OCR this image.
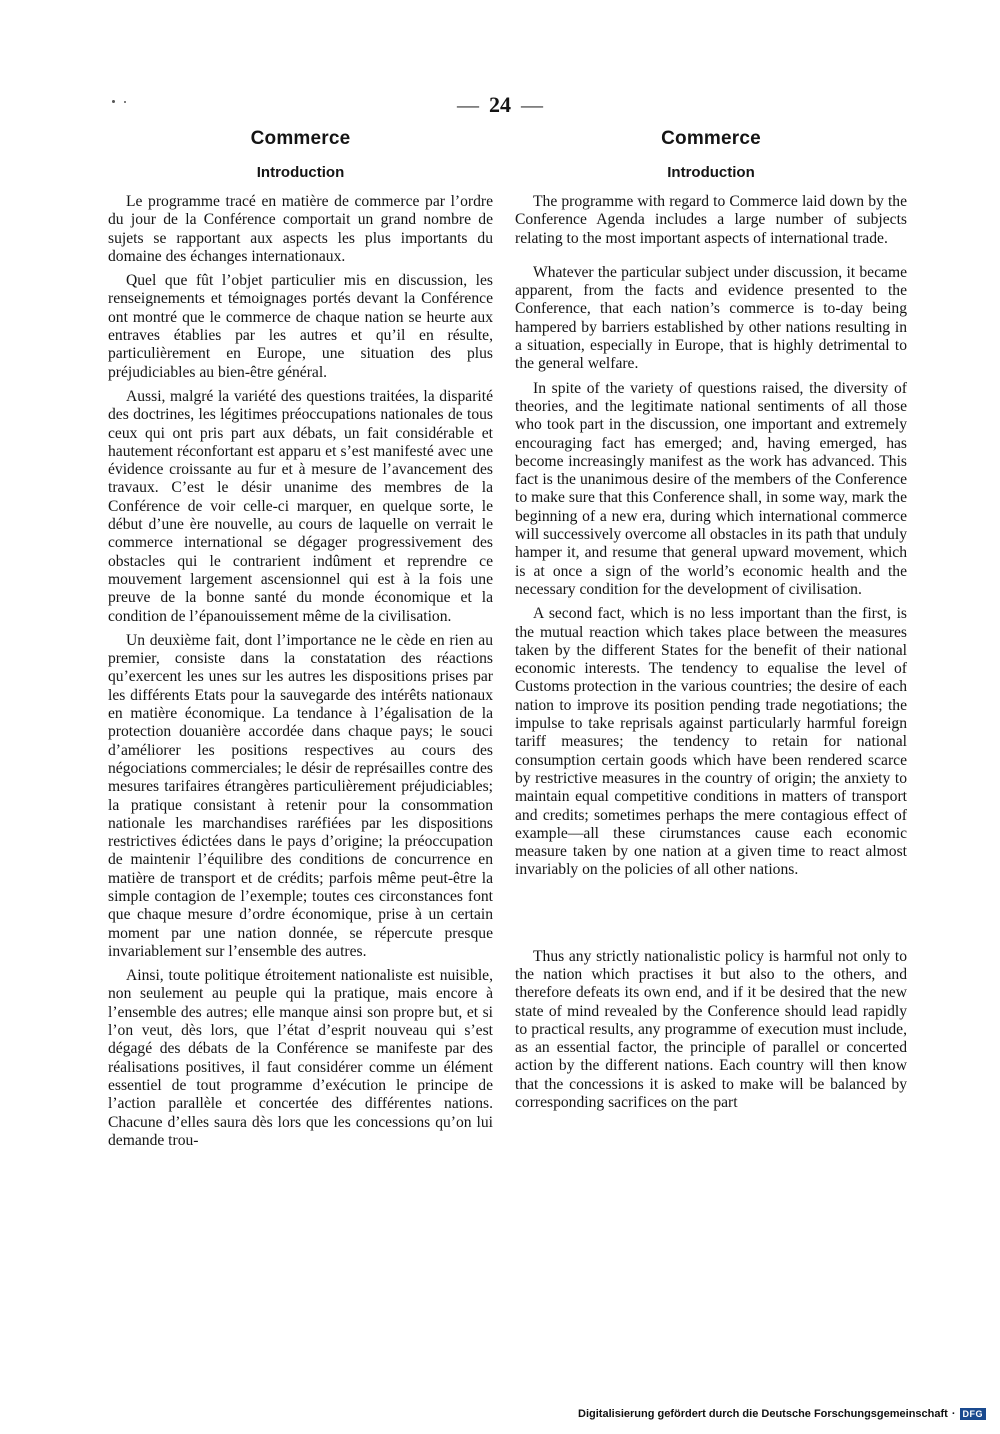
— 24 —
Commerce
Introduction

Le programme tracé en matière de commerce par l’ordre du jour de la Conférence comportait un grand nombre de sujets se rapportant aux aspects les plus importants du domaine des échanges internationaux.

Quel que fût l’objet particulier mis en discussion, les renseignements et témoignages portés devant la Conférence ont montré que le commerce de chaque nation se heurte aux entraves établies par les autres et qu’il en résulte, particulièrement en Europe, une situation des plus préjudiciables au bien-être général.

Aussi, malgré la variété des questions traitées, la disparité des doctrines, les légitimes préoccupations nationales de tous ceux qui ont pris part aux débats, un fait considérable et hautement réconfortant est apparu et s’est manifesté avec une évidence croissante au fur et à mesure de l’avancement des travaux. C’est le désir unanime des membres de la Conférence de voir celle-ci marquer, en quelque sorte, le début d’une ère nouvelle, au cours de laquelle on verrait le commerce international se dégager progressivement des obstacles qui le contrarient indûment et reprendre ce mouvement largement ascensionnel qui est à la fois une preuve de la bonne santé du monde économique et la condition de l’épanouissement même de la civilisation.

Un deuxième fait, dont l’importance ne le cède en rien au premier, consiste dans la constatation des réactions qu’exercent les unes sur les autres les dispositions prises par les différents Etats pour la sauvegarde des intérêts nationaux en matière économique. La tendance à l’égalisation de la protection douanière accordée dans chaque pays; le souci d’améliorer les positions respectives au cours des négociations commerciales; le désir de représailles contre des mesures tarifaires étrangères particulièrement préjudiciables; la pratique consistant à retenir pour la consommation nationale les marchandises raréfiées par les dispositions restrictives édictées dans le pays d’origine; la préoccupation de maintenir l’équilibre des conditions de concurrence en matière de transport et de crédits; parfois même peut-être la simple contagion de l’exemple; toutes ces circonstances font que chaque mesure d’ordre économique, prise à un certain moment par une nation donnée, se répercute presque invariablement sur l’ensemble des autres.

Ainsi, toute politique étroitement nationaliste est nuisible, non seulement au peuple qui la pratique, mais encore à l’ensemble des autres; elle manque ainsi son propre but, et si l’on veut, dès lors, que l’état d’esprit nouveau qui s’est dégagé des débats de la Conférence se manifeste par des réalisations positives, il faut considérer comme un élément essentiel de tout programme d’exécution le principe de l’action parallèle et concertée des différentes nations. Chacune d’elles saura dès lors que les concessions qu’on lui demande trou-

Commerce
Introduction

The programme with regard to Commerce laid down by the Conference Agenda includes a large number of subjects relating to the most important aspects of international trade.

Whatever the particular subject under discussion, it became apparent, from the facts and evidence presented to the Conference, that each nation’s commerce is to-day being hampered by barriers established by other nations resulting in a situation, especially in Europe, that is highly detrimental to the general welfare.

In spite of the variety of questions raised, the diversity of theories, and the legitimate national sentiments of all those who took part in the discussion, one important and extremely encouraging fact has emerged; and, having emerged, has become increasingly manifest as the work has advanced. This fact is the unanimous desire of the members of the Conference to make sure that this Conference shall, in some way, mark the beginning of a new era, during which international commerce will successively overcome all obstacles in its path that unduly hamper it, and resume that general upward movement, which is at once a sign of the world’s economic health and the necessary condition for the development of civilisation.

A second fact, which is no less important than the first, is the mutual reaction which takes place between the measures taken by the different States for the benefit of their national economic interests. The tendency to equalise the level of Customs protection in the various countries; the desire of each nation to improve its position pending trade negotiations; the impulse to take reprisals against particularly harmful foreign tariff measures; the tendency to retain for national consumption certain goods which have been rendered scarce by restrictive measures in the country of origin; the anxiety to maintain equal competitive conditions in matters of transport and credits; sometimes perhaps the mere contagious effect of example—all these cirumstances cause each economic measure taken by one nation at a given time to react almost invariably on the policies of all other nations.

Thus any strictly nationalistic policy is harmful not only to the nation which practises it but also to the others, and therefore defeats its own end, and if it be desired that the new state of mind revealed by the Conference should lead rapidly to practical results, any programme of execution must include, as an essential factor, the principle of parallel or concerted action by the different nations. Each country will then know that the concessions it is asked to make will be balanced by corresponding sacrifices on the part

Digitalisierung gefördert durch die Deutsche Forschungsgemeinschaft · DFG
